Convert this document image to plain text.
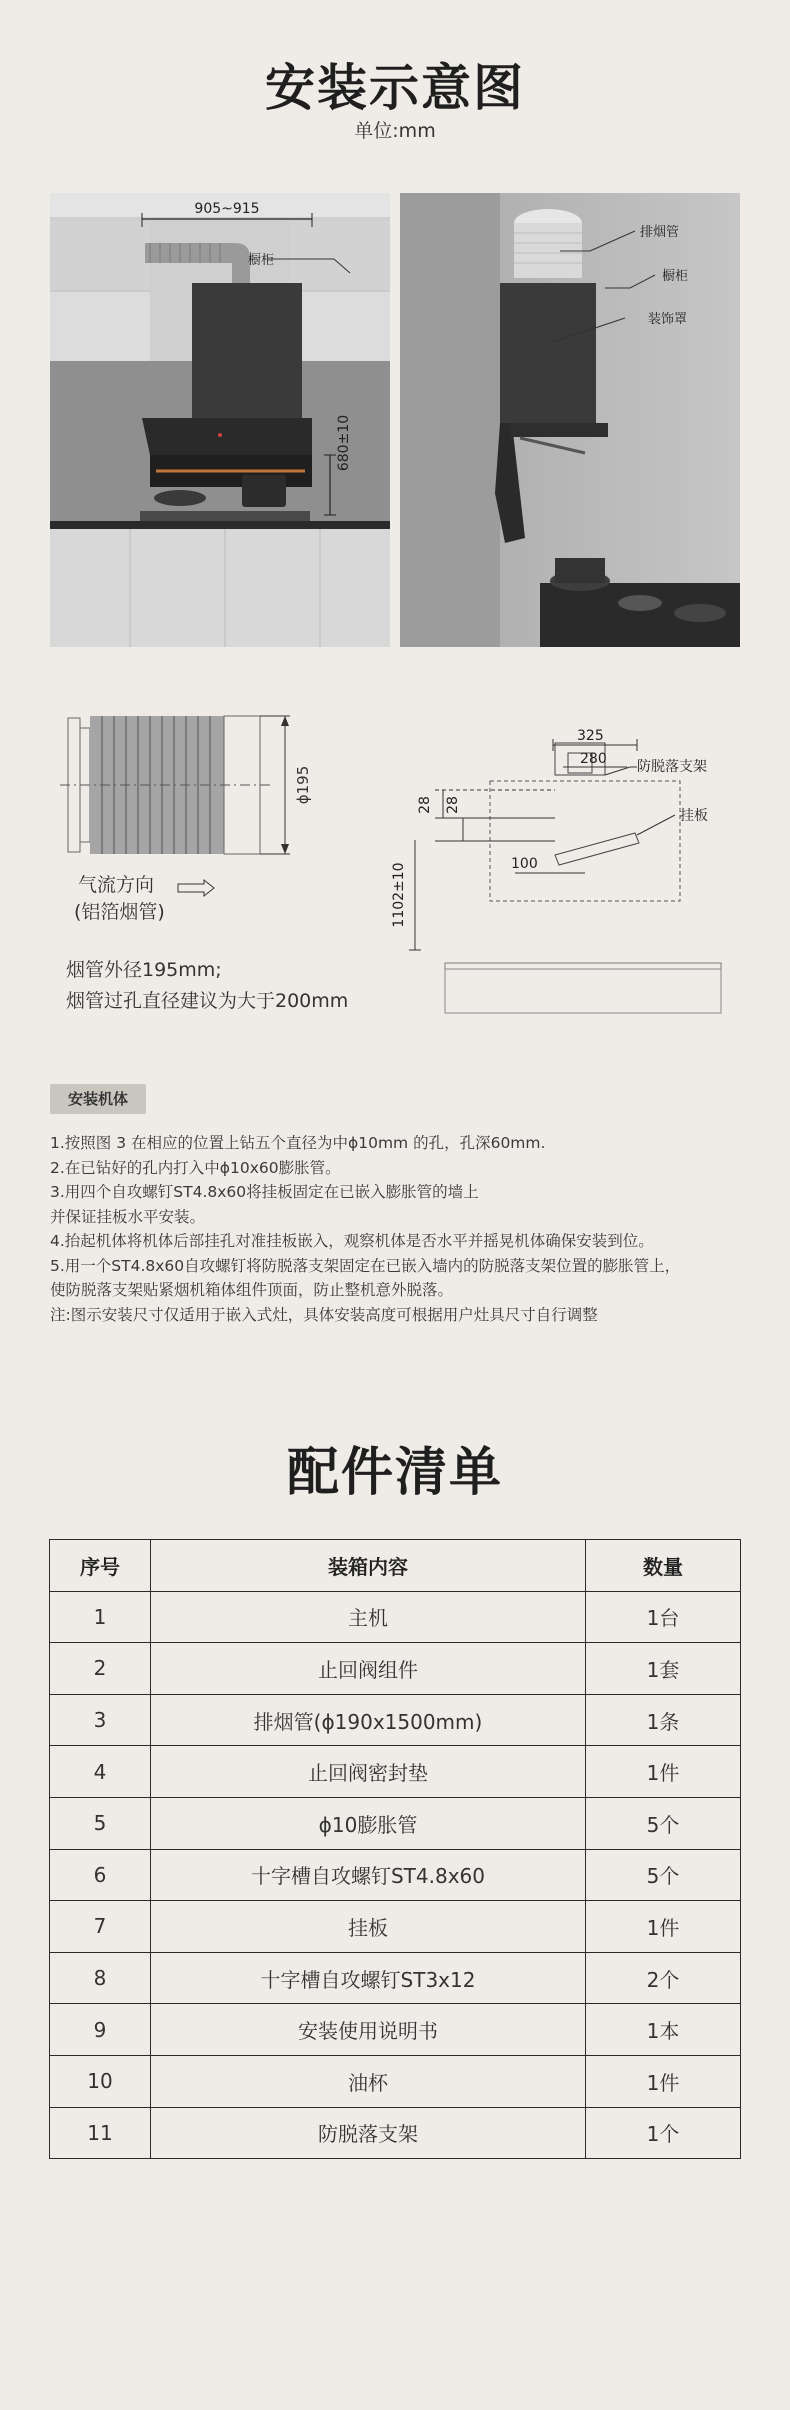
安装示意图
单位:mm
905~915
橱柜
680±10
排烟管
橱柜
装饰罩
ϕ195
气流方向
(铝箔烟管)
烟管外径195mm;
烟管过孔直径建议为大于200mm
325
280
28 28
100
1102±10
防脱落支架
挂板
安装机体
1.按照图 3 在相应的位置上钻五个直径为中ϕ10mm 的孔，孔深60mm.
2.在已钻好的孔内打入中ϕ10x60膨胀管。
3.用四个自攻螺钉ST4.8x60将挂板固定在已嵌入膨胀管的墙上
并保证挂板水平安装。
4.抬起机体将机体后部挂孔对准挂板嵌入，观察机体是否水平并摇晃机体确保安装到位。
5.用一个ST4.8x60自攻螺钉将防脱落支架固定在已嵌入墙内的防脱落支架位置的膨胀管上，
使防脱落支架贴紧烟机箱体组件顶面，防止整机意外脱落。
注:图示安装尺寸仅适用于嵌入式灶，具体安装高度可根据用户灶具尺寸自行调整
配件清单
序号	装箱内容	数量
1	主机	1台
2	止回阀组件	1套
3	排烟管(ϕ190x1500mm)	1条
4	止回阀密封垫	1件
5	ϕ10膨胀管	5个
6	十字槽自攻螺钉ST4.8x60	5个
7	挂板	1件
8	十字槽自攻螺钉ST3x12	2个
9	安装使用说明书	1本
10	油杯	1件
11	防脱落支架	1个
